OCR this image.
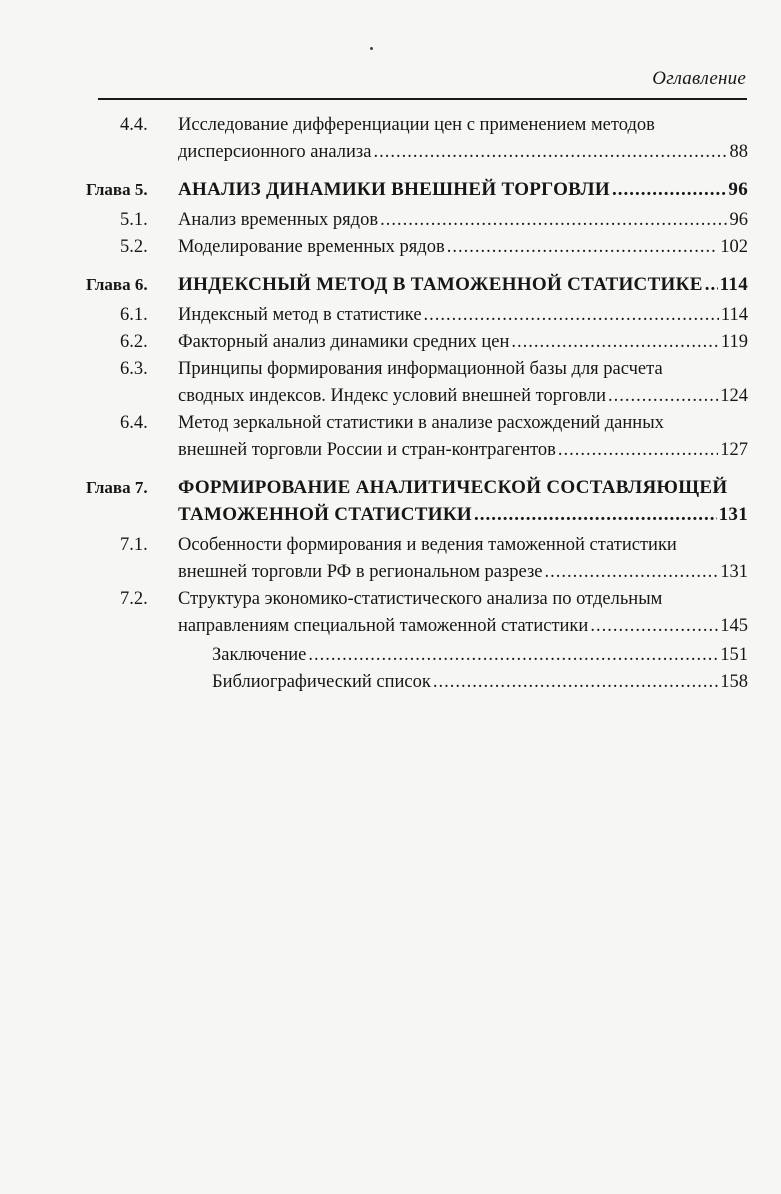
Оглавление
4.4.	Исследование дифференциации цен с применением методов
дисперсионного анализа .....	88
Глава 5.	АНАЛИЗ ДИНАМИКИ ВНЕШНЕЙ ТОРГОВЛИ .....	96
5.1.	Анализ временных рядов .....	96
5.2.	Моделирование временных рядов .....	102
Глава 6.	ИНДЕКСНЫЙ МЕТОД В ТАМОЖЕННОЙ СТАТИСТИКЕ ..... 114
6.1.	Индексный метод в статистике .....	114
6.2.	Факторный анализ динамики средних цен .....	119
6.3.	Принципы формирования информационной базы для расчета
сводных индексов. Индекс условий внешней торговли .....	124
6.4.	Метод зеркальной статистики в анализе расхождений данных
внешней торговли России и стран-контрагентов .....	127
Глава 7.	ФОРМИРОВАНИЕ АНАЛИТИЧЕСКОЙ СОСТАВЛЯЮЩЕЙ
ТАМОЖЕННОЙ СТАТИСТИКИ .....	131
7.1.	Особенности формирования и ведения таможенной статистики
внешней торговли РФ в региональном разрезе .....	131
7.2.	Структура экономико-статистического анализа по отдельным
направлениям специальной таможенной статистики .....	145
Заключение .....	151
Библиографический список .....	158
